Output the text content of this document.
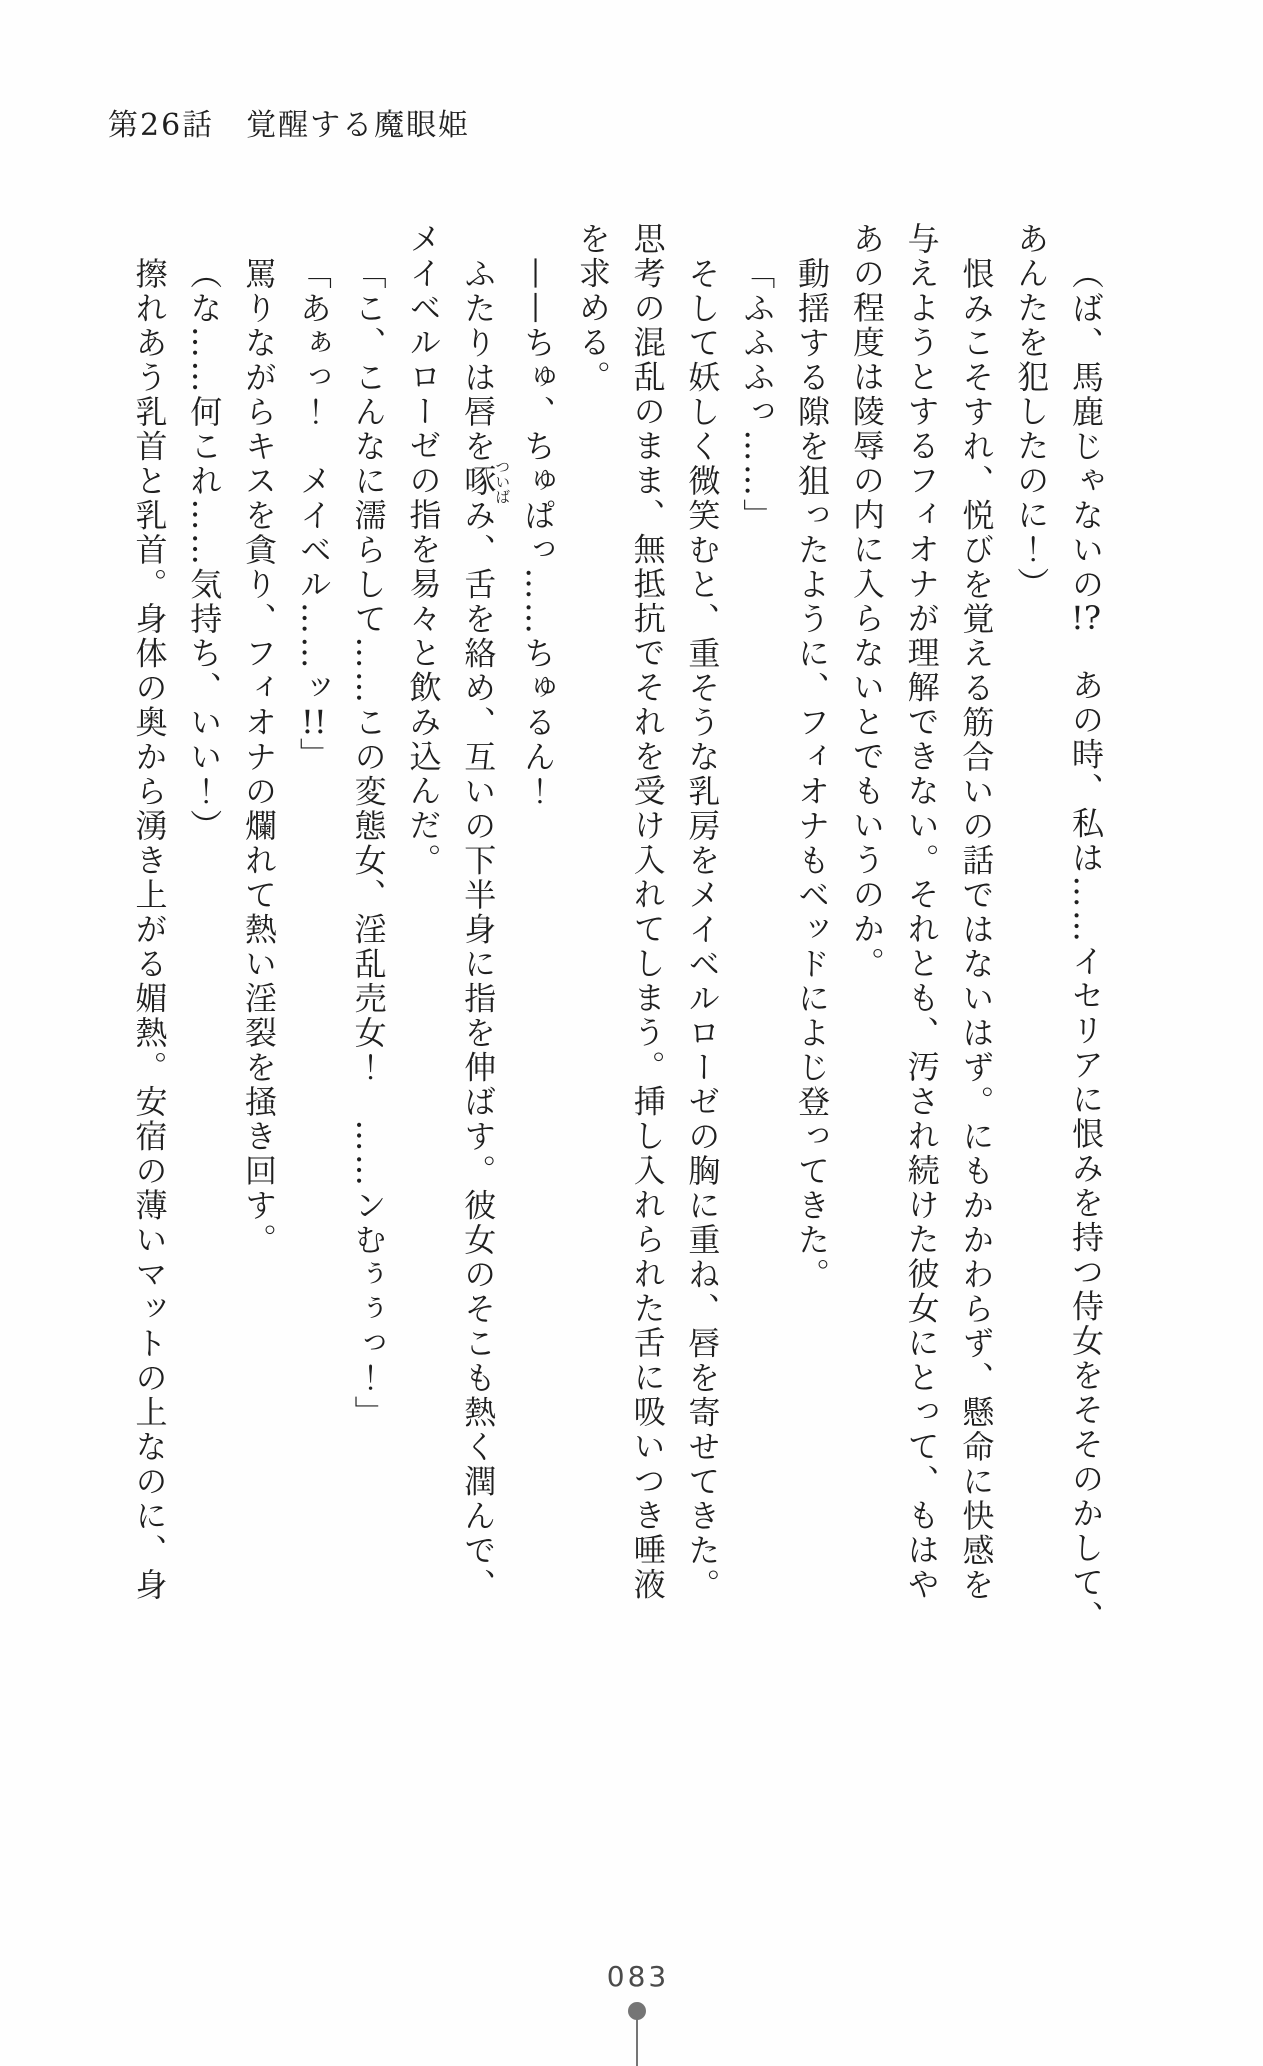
第26話　覚醒する魔眼姫

（ば、馬鹿じゃないの!?　あの時、私は……イセリアに恨みを持つ侍女をそそのかして、

あんたを犯したのに！）

恨みこそすれ、悦びを覚える筋合いの話ではないはず。にもかかわらず、懸命に快感を

与えようとするフィオナが理解できない。それとも、汚され続けた彼女にとって、もはや

あの程度は陵辱の内に入らないとでもいうのか。

動揺する隙を狙ったように、フィオナもベッドによじ登ってきた。

「ふふふっ……」

そして妖しく微笑むと、重そうな乳房をメイベルローゼの胸に重ね、唇を寄せてきた。

思考の混乱のまま、無抵抗でそれを受け入れてしまう。挿し入れられた舌に吸いつき唾液

を求める。

——ちゅ、ちゅぱっ……ちゅるん！

ふたりは唇を啄ついばみ、舌を絡め、互いの下半身に指を伸ばす。彼女のそこも熱く潤んで、

メイベルローゼの指を易々と飲み込んだ。

「こ、こんなに濡らして……この変態女、淫乱売女！　……ンむぅぅっ！」

「あぁっ！　メイベル……ッ!!」

罵りながらキスを貪り、フィオナの爛れて熱い淫裂を掻き回す。

（な……何これ……気持ち、いい！）

擦れあう乳首と乳首。身体の奥から湧き上がる媚熱。安宿の薄いマットの上なのに、身

083
